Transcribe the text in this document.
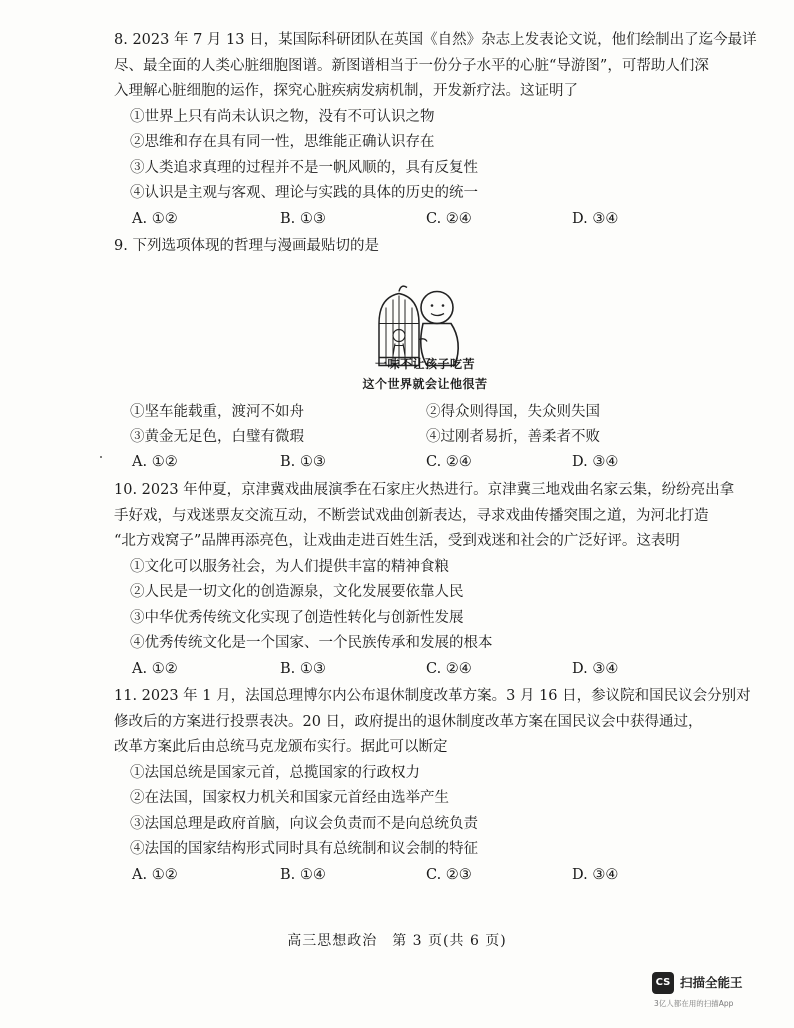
8. 2023 年 7 月 13 日，某国际科研团队在英国《自然》杂志上发表论文说，他们绘制出了迄今最详
尽、最全面的人类心脏细胞图谱。新图谱相当于一份分子水平的心脏“导游图”，可帮助人们深
入理解心脏细胞的运作，探究心脏疾病发病机制，开发新疗法。这证明了
①世界上只有尚未认识之物，没有不可认识之物
②思维和存在具有同一性，思维能正确认识存在
③人类追求真理的过程并不是一帆风顺的，具有反复性
④认识是主观与客观、理论与实践的具体的历史的统一
A. ①②	B. ①③	C. ②④	D. ③④
9. 下列选项体现的哲理与漫画最贴切的是
一味不让孩子吃苦
这个世界就会让他很苦
①坚车能载重，渡河不如舟	②得众则得国，失众则失国
③黄金无足色，白璧有微瑕	④过刚者易折，善柔者不败
A. ①②	B. ①③	C. ②④	D. ③④
10. 2023 年仲夏，京津冀戏曲展演季在石家庄火热进行。京津冀三地戏曲名家云集，纷纷亮出拿
手好戏，与戏迷票友交流互动，不断尝试戏曲创新表达，寻求戏曲传播突围之道，为河北打造
“北方戏窝子”品牌再添亮色，让戏曲走进百姓生活，受到戏迷和社会的广泛好评。这表明
①文化可以服务社会，为人们提供丰富的精神食粮
②人民是一切文化的创造源泉，文化发展要依靠人民
③中华优秀传统文化实现了创造性转化与创新性发展
④优秀传统文化是一个国家、一个民族传承和发展的根本
A. ①②	B. ①③	C. ②④	D. ③④
11. 2023 年 1 月，法国总理博尔内公布退休制度改革方案。3 月 16 日，参议院和国民议会分别对
修改后的方案进行投票表决。20 日，政府提出的退休制度改革方案在国民议会中获得通过，
改革方案此后由总统马克龙颁布实行。据此可以断定
①法国总统是国家元首，总揽国家的行政权力
②在法国，国家权力机关和国家元首经由选举产生
③法国总理是政府首脑，向议会负责而不是向总统负责
④法国的国家结构形式同时具有总统制和议会制的特征
A. ①②	B. ①④	C. ②③	D. ③④
高三思想政治　第 3 页(共 6 页)
CS 扫描全能王
3亿人都在用的扫描App
